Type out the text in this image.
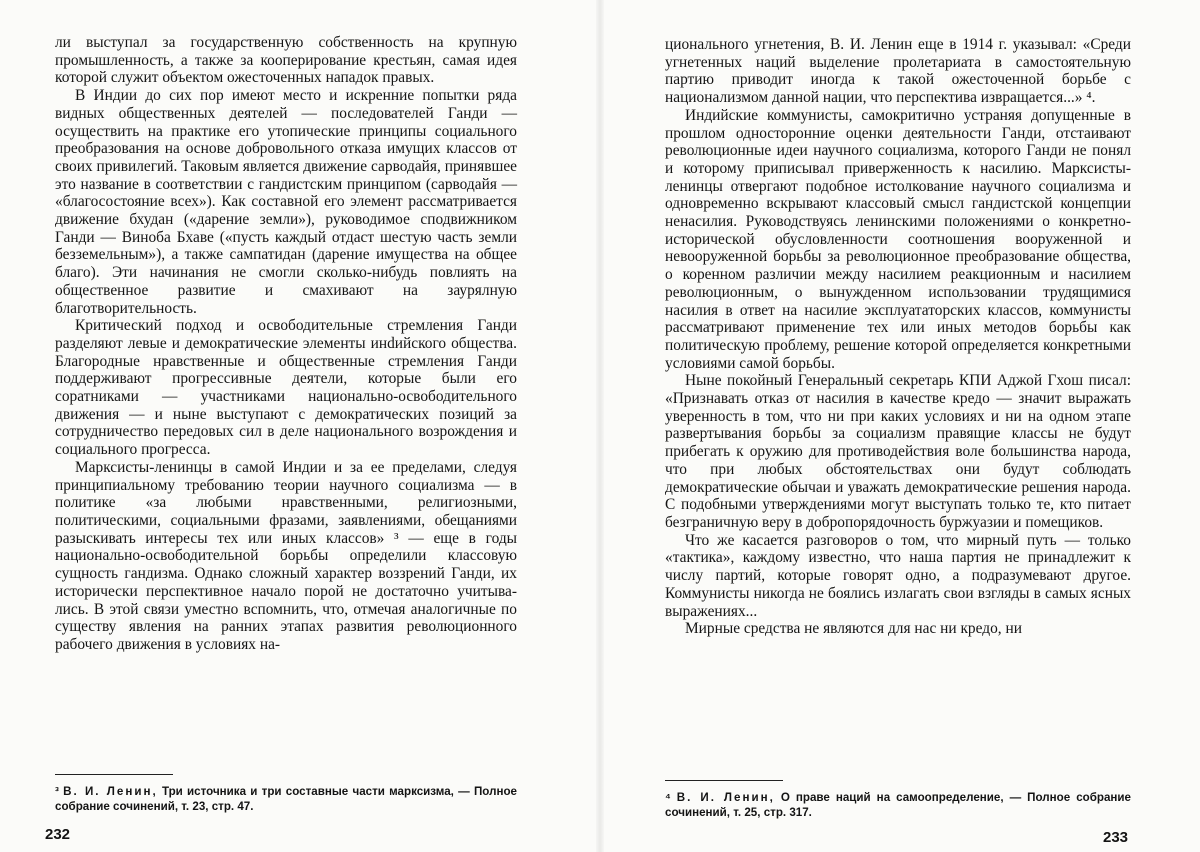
ли выступал за государственную собственность на крупную промышленность, а также за кооперирование крестьян, самая идея которой служит объектом ожесточенных нападок правых.

В Индии до сих пор имеют место и искренние попытки ряда видных общественных деятелей — последователей Ганди — осуществить на практике его утопические принципы социального преобразования на основе добровольного отказа имущих классов от своих привилегий. Таковым является движение сарводайя, принявшее это название в соответствии с гандистским принципом (сарводайя — «благосостояние всех»). Как составной его элемент рассматривается движение бхудан («дарение земли»), руководимое сподвижником Ганди — Виноба Бхаве («пусть каждый отдаст шестую часть земли безземельным»), а также сампатидан (дарение имущества на общее благо). Эти начинания не смогли сколько-нибудь повлиять на общественное развитие и смахивают на заурялную благотворительность.

Критический подход и освободительные стремления Ганди разделяют левые и демократические элементы инdийского общества. Благородные нравственные и общественные стремления Ганди поддерживают прогрессивные деятели, которые были его соратниками — участниками национально-освободительного движения — и ныне выступают с демократических позиций за сотрудничество передовых сил в деле национального возрождения и социального прогресса.

Марксисты-ленинцы в самой Индии и за ее пределами, следуя принципиальному требованию теории научного социализма — в политике «за любыми нравственными, религиозными, политическими, социальными фразами, заявлениями, обещаниями разыскивать интересы тех или иных классов» ³ — еще в годы национально-освободительной борьбы определили классовую сущность гандизма. Однако сложный характер воззрений Ганди, их исторически перспективное начало порой не достаточно учитывались. В этой связи уместно вспомнить, что, отмечая аналогичные по существу явления на ранних этапах развития революционного рабочего движения в условиях на-

³ В. И. Ленин, Три источника и три составные части марксизма, — Полное собрание сочинений, т. 23, стр. 47.

232

ционального угнетения, В. И. Ленин еще в 1914 г. указывал: «Среди угнетенных наций выделение пролетариата в самостоятельную партию приводит иногда к такой ожесточенной борьбе с национализмом данной нации, что перспектива извращается...» ⁴.

Индийские коммунисты, самокритично устраняя допущенные в прошлом односторонние оценки деятельности Ганди, отстаивают революционные идеи научного социализма, которого Ганди не понял и которому приписывал приверженность к насилию. Марксисты-ленинцы отвергают подобное истолкование научного социализма и одновременно вскрывают классовый смысл гандистской концепции ненасилия. Руководствуясь ленинскими положениями о конкретно-исторической обусловленности соотношения вооруженной и невооруженной борьбы за революционное преобразование общества, о коренном различии между насилием реакционным и насилием революционным, о вынужденном использовании трудящимися насилия в ответ на насилие эксплуататорских классов, коммунисты рассматривают применение тех или иных методов борьбы как политическую проблему, решение которой определяется конкретными условиями самой борьбы.

Ныне покойный Генеральный секретарь КПИ Аджой Гхош писал: «Признавать отказ от насилия в качестве кредо — значит выражать уверенность в том, что ни при каких условиях и ни на одном этапе развертывания борьбы за социализм правящие классы не будут прибегать к оружию для противодействия воле большинства народа, что при любых обстоятельствах они будут соблюдать демократические обычаи и уважать демократические решения народа. С подобными утверждениями могут выступать только те, кто питает безграничную веру в добропорядочность буржуазии и помещиков.

Что же касается разговоров о том, что мирный путь — только «тактика», каждому известно, что наша партия не принадлежит к числу партий, которые говорят одно, а подразумевают другое. Коммунисты никогда не боялись излагать свои взгляды в самых ясных выражениях...

Мирные средства не являются для нас ни кредо, ни

⁴ В. И. Ленин, О праве наций на самоопределение, — Полное собрание сочинений, т. 25, стр. 317.

233
